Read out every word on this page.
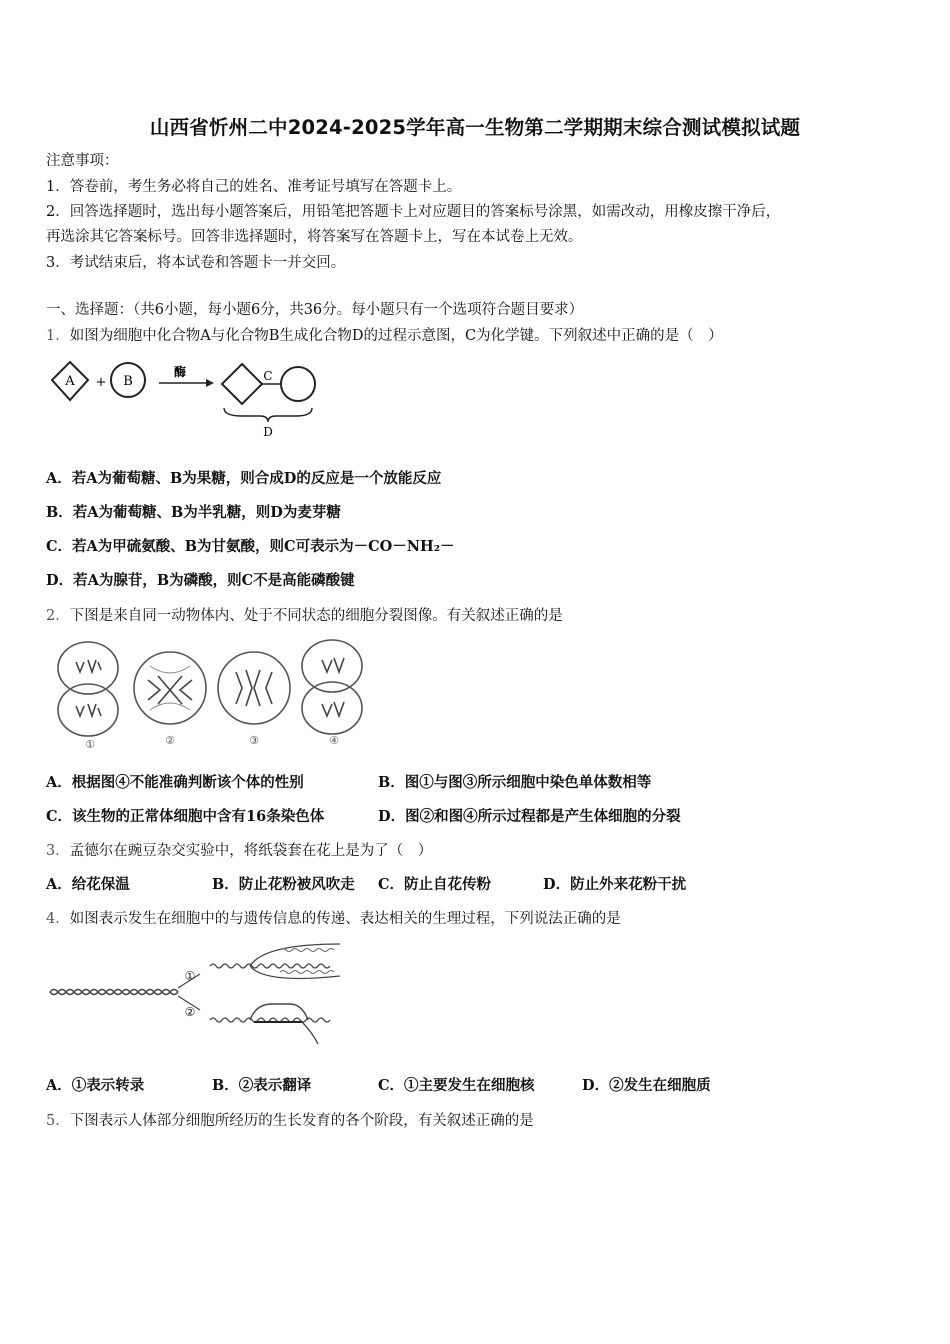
山西省忻州二中2024-2025学年高一生物第二学期期末综合测试模拟试题
注意事项：
1．答卷前，考生务必将自己的姓名、准考证号填写在答题卡上。
2．回答选择题时，选出每小题答案后，用铅笔把答题卡上对应题目的答案标号涂黑，如需改动，用橡皮擦干净后，
再选涂其它答案标号。回答非选择题时，将答案写在答题卡上，写在本试卷上无效。
3．考试结束后，将本试卷和答题卡一并交回。
一、选择题：（共6小题，每小题6分，共36分。每小题只有一个选项符合题目要求）
1．如图为细胞中化合物A与化合物B生成化合物D的过程示意图，C为化学键。下列叙述中正确的是（　）
A + B
酶	C
D
A．若A为葡萄糖、B为果糖，则合成D的反应是一个放能反应
B．若A为葡萄糖、B为半乳糖，则D为麦芽糖
C．若A为甲硫氨酸、B为甘氨酸，则C可表示为－CO－NH₂－
D．若A为腺苷，B为磷酸，则C不是高能磷酸键
2．下图是来自同一动物体内、处于不同状态的细胞分裂图像。有关叙述正确的是
①	②	③	④
A．根据图④不能准确判断该个体的性别	B．图①与图③所示细胞中染色单体数相等
C．该生物的正常体细胞中含有16条染色体	D．图②和图④所示过程都是产生体细胞的分裂
3．孟德尔在豌豆杂交实验中，将纸袋套在花上是为了（　）
A．给花保温	B．防止花粉被风吹走 C．防止自花传粉	D．防止外来花粉干扰
4．如图表示发生在细胞中的与遗传信息的传递、表达相关的生理过程，下列说法正确的是
①
②
A．①表示转录	B．②表示翻译	C．①主要发生在细胞核	D．②发生在细胞质
5．下图表示人体部分细胞所经历的生长发育的各个阶段，有关叙述正确的是
